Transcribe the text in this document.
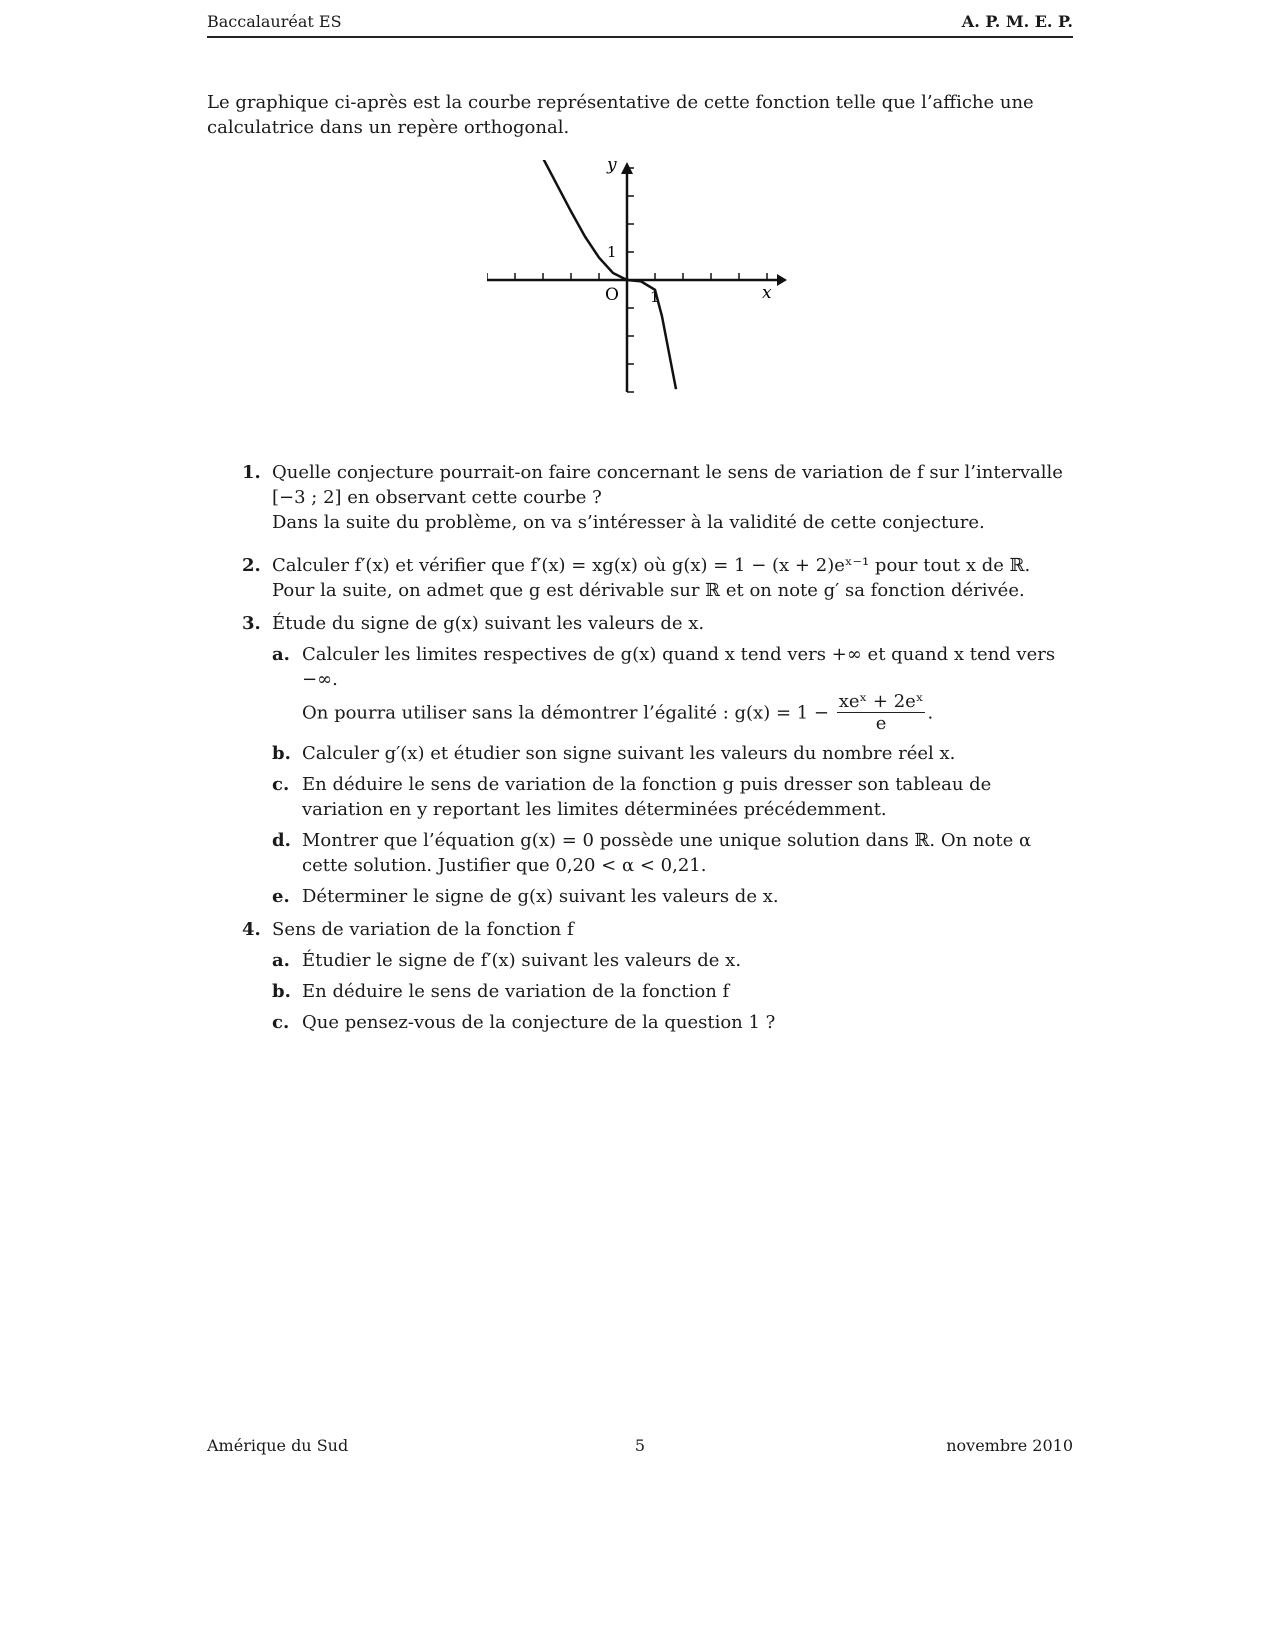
Baccalauréat ES	A. P. M. E. P.
Le graphique ci-après est la courbe représentative de cette fonction telle que l’affiche une calculatrice dans un repère orthogonal.
y
x
O
1
1
1. Quelle conjecture pourrait-on faire concernant le sens de variation de f sur l’intervalle [−3 ; 2] en observant cette courbe ?
Dans la suite du problème, on va s’intéresser à la validité de cette conjecture.
2. Calculer f′(x) et vérifier que f′(x) = xg(x) où g(x) = 1 − (x + 2)eˣ⁻¹ pour tout x de ℝ.
Pour la suite, on admet que g est dérivable sur ℝ et on note g′ sa fonction dérivée.
3. Étude du signe de g(x) suivant les valeurs de x.
a. Calculer les limites respectives de g(x) quand x tend vers +∞ et quand x tend vers −∞.
On pourra utiliser sans la démontrer l’égalité : $g(x) = 1 - \frac{\text{xeˣ + 2eˣ}}{e}$ .
b. Calculer g′(x) et étudier son signe suivant les valeurs du nombre réel x.
c. En déduire le sens de variation de la fonction g puis dresser son tableau de variation en y reportant les limites déterminées précédemment.
d. Montrer que l’équation g(x) = 0 possède une unique solution dans ℝ. On note α cette solution. Justifier que 0,20 < α < 0,21.
e. Déterminer le signe de g(x) suivant les valeurs de x.
4. Sens de variation de la fonction f
a. Étudier le signe de f′(x) suivant les valeurs de x.
b. En déduire le sens de variation de la fonction f
c. Que pensez-vous de la conjecture de la question 1 ?
Amérique du Sud	5	novembre 2010
